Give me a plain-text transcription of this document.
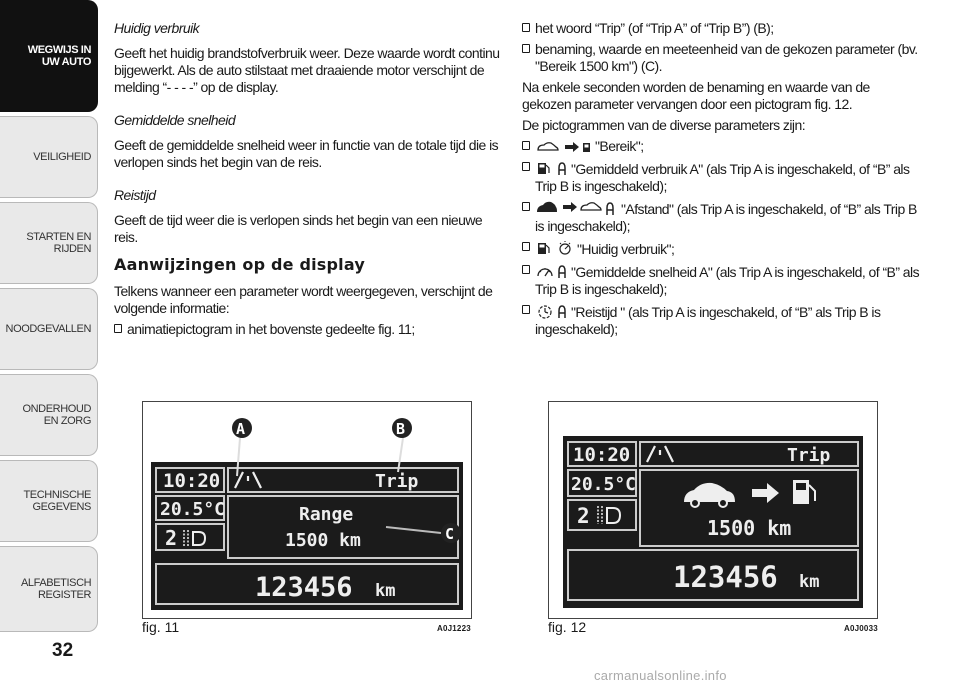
WEGWIJS IN UW AUTO
VEILIGHEID
STARTEN EN RIJDEN
NOODGEVALLEN
ONDERHOUD EN ZORG
TECHNISCHE GEGEVENS
ALFABETISCH REGISTER
32
Huidig verbruik
Geeft het huidig brandstofverbruik weer. Deze waarde wordt continu bijgewerkt. Als de auto stilstaat met draaiende motor verschijnt de melding “- - - -” op de display.
Gemiddelde snelheid
Geeft de gemiddelde snelheid weer in functie van de totale tijd die is verlopen sinds het begin van de reis.
Reistijd
Geeft de tijd weer die is verlopen sinds het begin van een nieuwe reis.
Aanwijzingen op de display
Telkens wanneer een parameter wordt weergegeven, verschijnt de volgende informatie:
animatiepictogram in het bovenste gedeelte fig. 11;
het woord “Trip” (of “Trip A” of “Trip B”) (B);
benaming, waarde en meeteenheid van de gekozen parameter (bv. "Bereik 1500 km") (C).
Na enkele seconden worden de benaming en waarde van de gekozen parameter vervangen door een pictogram fig. 12.
De pictogrammen van de diverse parameters zijn:
"Bereik";
"Gemiddeld verbruik A" (als Trip A is ingeschakeld, of “B” als Trip B is ingeschakeld);
"Afstand" (als Trip A is ingeschakeld, of “B” als Trip B is ingeschakeld);
"Huidig verbruik";
"Gemiddelde snelheid A" (als Trip A is ingeschakeld, of “B” als Trip B is ingeschakeld);
"Reistijd " (als Trip A is ingeschakeld, of “B” als Trip B is ingeschakeld);
10:20
20.5°C
2
Trip
Range
1500 km
123456 km
A	B
C
fig. 11	A0J1223
10:20
20.5°C
2
Trip
1500 km
123456 km
fig. 12	A0J0033
carmanualsonline.info
